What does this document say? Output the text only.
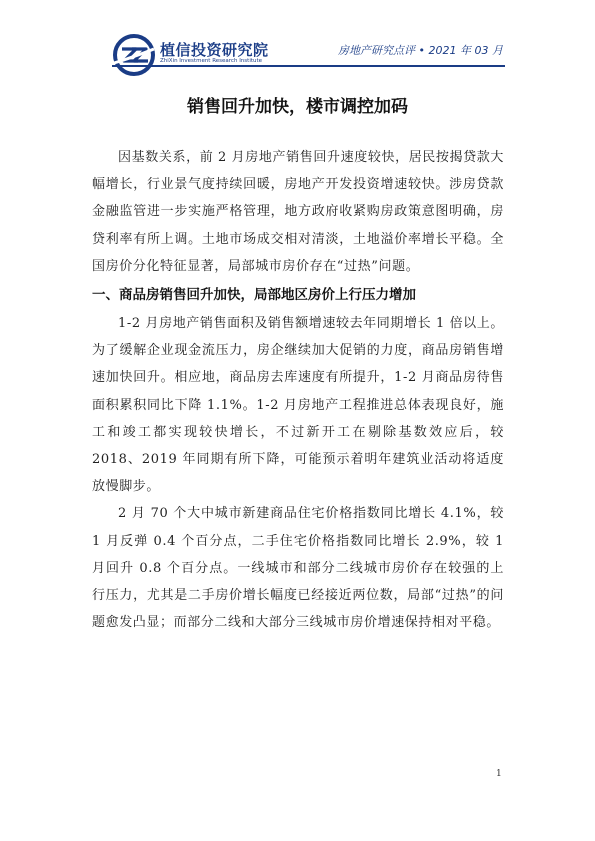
植信投资研究院
ZhiXin Investment Research Institute
房地产研究点评 • 2021 年 03 月
销售回升加快，楼市调控加码

因基数关系，前 2 月房地产销售回升速度较快，居民按揭贷款大幅增长，行业景气度持续回暖，房地产开发投资增速较快。涉房贷款金融监管进一步实施严格管理，地方政府收紧购房政策意图明确，房贷利率有所上调。土地市场成交相对清淡，土地溢价率增长平稳。全国房价分化特征显著，局部城市房价存在“过热”问题。

一、商品房销售回升加快，局部地区房价上行压力增加

1-2 月房地产销售面积及销售额增速较去年同期增长 1 倍以上。为了缓解企业现金流压力，房企继续加大促销的力度，商品房销售增速加快回升。相应地，商品房去库速度有所提升，1-2 月商品房待售面积累积同比下降 1.1%。1-2 月房地产工程推进总体表现良好，施工和竣工都实现较快增长，不过新开工在剔除基数效应后，较 2018、2019 年同期有所下降，可能预示着明年建筑业活动将适度放慢脚步。

2 月 70 个大中城市新建商品住宅价格指数同比增长 4.1%，较 1 月反弹 0.4 个百分点，二手住宅价格指数同比增长 2.9%，较 1 月回升 0.8 个百分点。一线城市和部分二线城市房价存在较强的上行压力，尤其是二手房价增长幅度已经接近两位数，局部“过热”的问题愈发凸显；而部分二线和大部分三线城市房价增速保持相对平稳。

1
